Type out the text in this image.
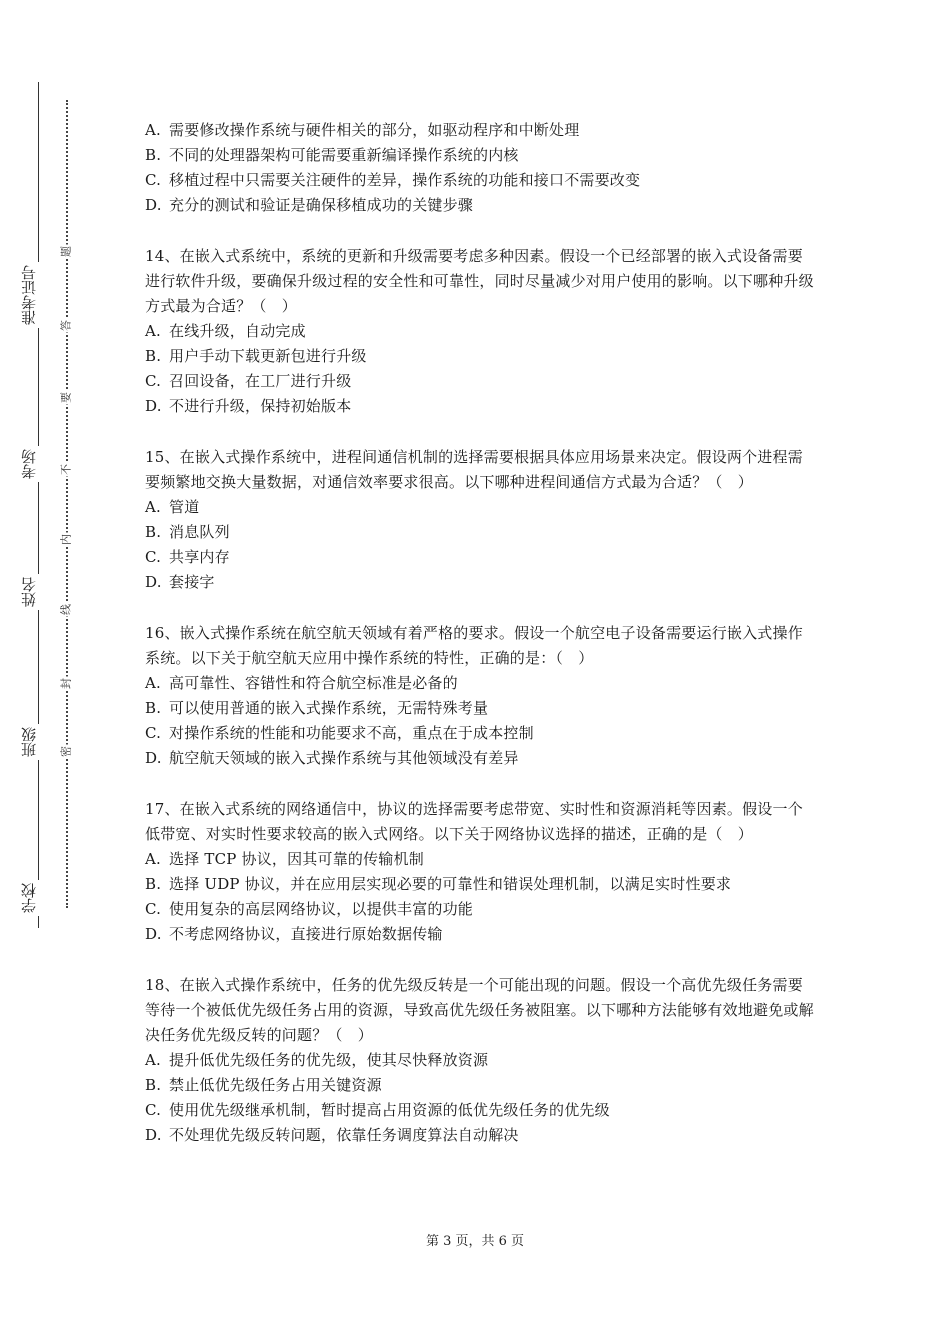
准考证号
考场
姓名
班级
学校
题
答
要
不
内
线
封
密
A. 需要修改操作系统与硬件相关的部分，如驱动程序和中断处理
B. 不同的处理器架构可能需要重新编译操作系统的内核
C. 移植过程中只需要关注硬件的差异，操作系统的功能和接口不需要改变
D. 充分的测试和验证是确保移植成功的关键步骤

14、在嵌入式系统中，系统的更新和升级需要考虑多种因素。假设一个已经部署的嵌入式设备需要进行软件升级，要确保升级过程的安全性和可靠性，同时尽量减少对用户使用的影响。以下哪种升级方式最为合适？（　）

A. 在线升级，自动完成
B. 用户手动下载更新包进行升级
C. 召回设备，在工厂进行升级
D. 不进行升级，保持初始版本

15、在嵌入式操作系统中，进程间通信机制的选择需要根据具体应用场景来决定。假设两个进程需要频繁地交换大量数据，对通信效率要求很高。以下哪种进程间通信方式最为合适？（　）

A. 管道
B. 消息队列
C. 共享内存
D. 套接字

16、嵌入式操作系统在航空航天领域有着严格的要求。假设一个航空电子设备需要运行嵌入式操作系统。以下关于航空航天应用中操作系统的特性，正确的是：（　）

A. 高可靠性、容错性和符合航空标准是必备的
B. 可以使用普通的嵌入式操作系统，无需特殊考量
C. 对操作系统的性能和功能要求不高，重点在于成本控制
D. 航空航天领域的嵌入式操作系统与其他领域没有差异

17、在嵌入式系统的网络通信中，协议的选择需要考虑带宽、实时性和资源消耗等因素。假设一个低带宽、对实时性要求较高的嵌入式网络。以下关于网络协议选择的描述，正确的是（　）

A. 选择 TCP 协议，因其可靠的传输机制
B. 选择 UDP 协议，并在应用层实现必要的可靠性和错误处理机制，以满足实时性要求
C. 使用复杂的高层网络协议，以提供丰富的功能
D. 不考虑网络协议，直接进行原始数据传输

18、在嵌入式操作系统中，任务的优先级反转是一个可能出现的问题。假设一个高优先级任务需要等待一个被低优先级任务占用的资源，导致高优先级任务被阻塞。以下哪种方法能够有效地避免或解决任务优先级反转的问题？（　）

A. 提升低优先级任务的优先级，使其尽快释放资源
B. 禁止低优先级任务占用关键资源
C. 使用优先级继承机制，暂时提高占用资源的低优先级任务的优先级
D. 不处理优先级反转问题，依靠任务调度算法自动解决
第 3 页，共 6 页
